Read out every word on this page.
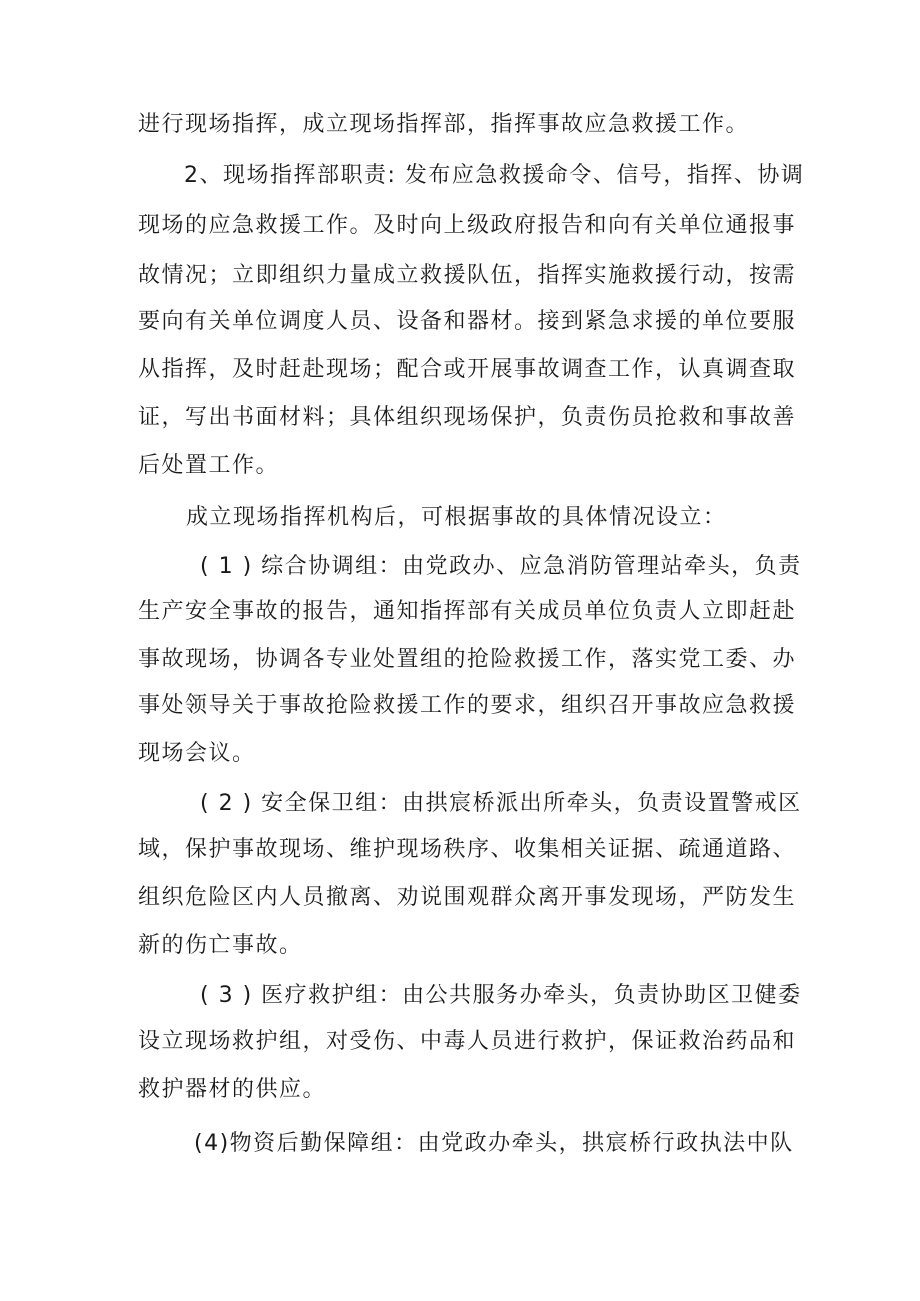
进行现场指挥，成立现场指挥部，指挥事故应急救援工作。
2、现场指挥部职责: 发布应急救援命令、信号，指挥、协调
现场的应急救援工作。及时向上级政府报告和向有关单位通报事
故情况；立即组织力量成立救援队伍，指挥实施救援行动，按需
要向有关单位调度人员、设备和器材。接到紧急求援的单位要服
从指挥，及时赶赴现场；配合或开展事故调查工作，认真调查取
证，写出书面材料；具体组织现场保护，负责伤员抢救和事故善
后处置工作。
成立现场指挥机构后，可根据事故的具体情况设立：
( 1 ) 综合协调组：由党政办、应急消防管理站牵头，负责
生产安全事故的报告，通知指挥部有关成员单位负责人立即赶赴
事故现场，协调各专业处置组的抢险救援工作，落实党工委、办
事处领导关于事故抢险救援工作的要求，组织召开事故应急救援
现场会议。
( 2 ) 安全保卫组：由拱宸桥派出所牵头，负责设置警戒区
域，保护事故现场、维护现场秩序、收集相关证据、疏通道路、
组织危险区内人员撤离、劝说围观群众离开事发现场，严防发生
新的伤亡事故。
( 3 ) 医疗救护组：由公共服务办牵头，负责协助区卫健委
设立现场救护组，对受伤、中毒人员进行救护，保证救治药品和
救护器材的供应。
(4)物资后勤保障组：由党政办牵头，拱宸桥行政执法中队
